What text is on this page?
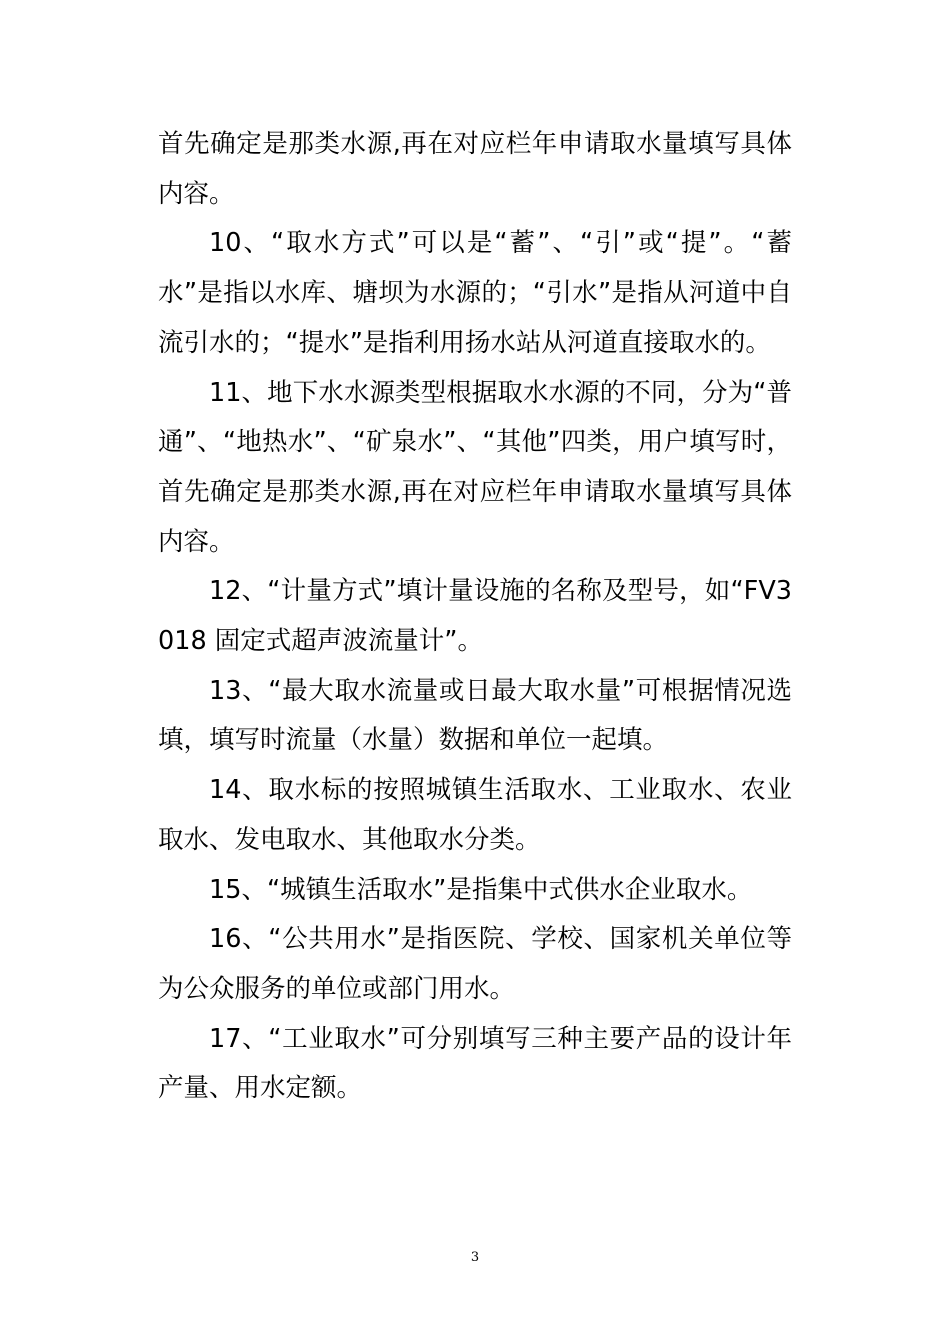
首先确定是那类水源,再在对应栏年申请取水量填写具体内容。

10、“取水方式”可以是“蓄”、“引”或“提”。“蓄水”是指以水库、塘坝为水源的；“引水”是指从河道中自流引水的；“提水”是指利用扬水站从河道直接取水的。

11、地下水水源类型根据取水水源的不同，分为“普通”、“地热水”、“矿泉水”、“其他”四类，用户填写时，首先确定是那类水源,再在对应栏年申请取水量填写具体内容。

12、“计量方式”填计量设施的名称及型号，如“FV3018 固定式超声波流量计”。

13、“最大取水流量或日最大取水量”可根据情况选填，填写时流量（水量）数据和单位一起填。

14、取水标的按照城镇生活取水、工业取水、农业取水、发电取水、其他取水分类。

15、“城镇生活取水”是指集中式供水企业取水。

16、“公共用水”是指医院、学校、国家机关单位等为公众服务的单位或部门用水。

17、“工业取水”可分别填写三种主要产品的设计年产量、用水定额。

3
